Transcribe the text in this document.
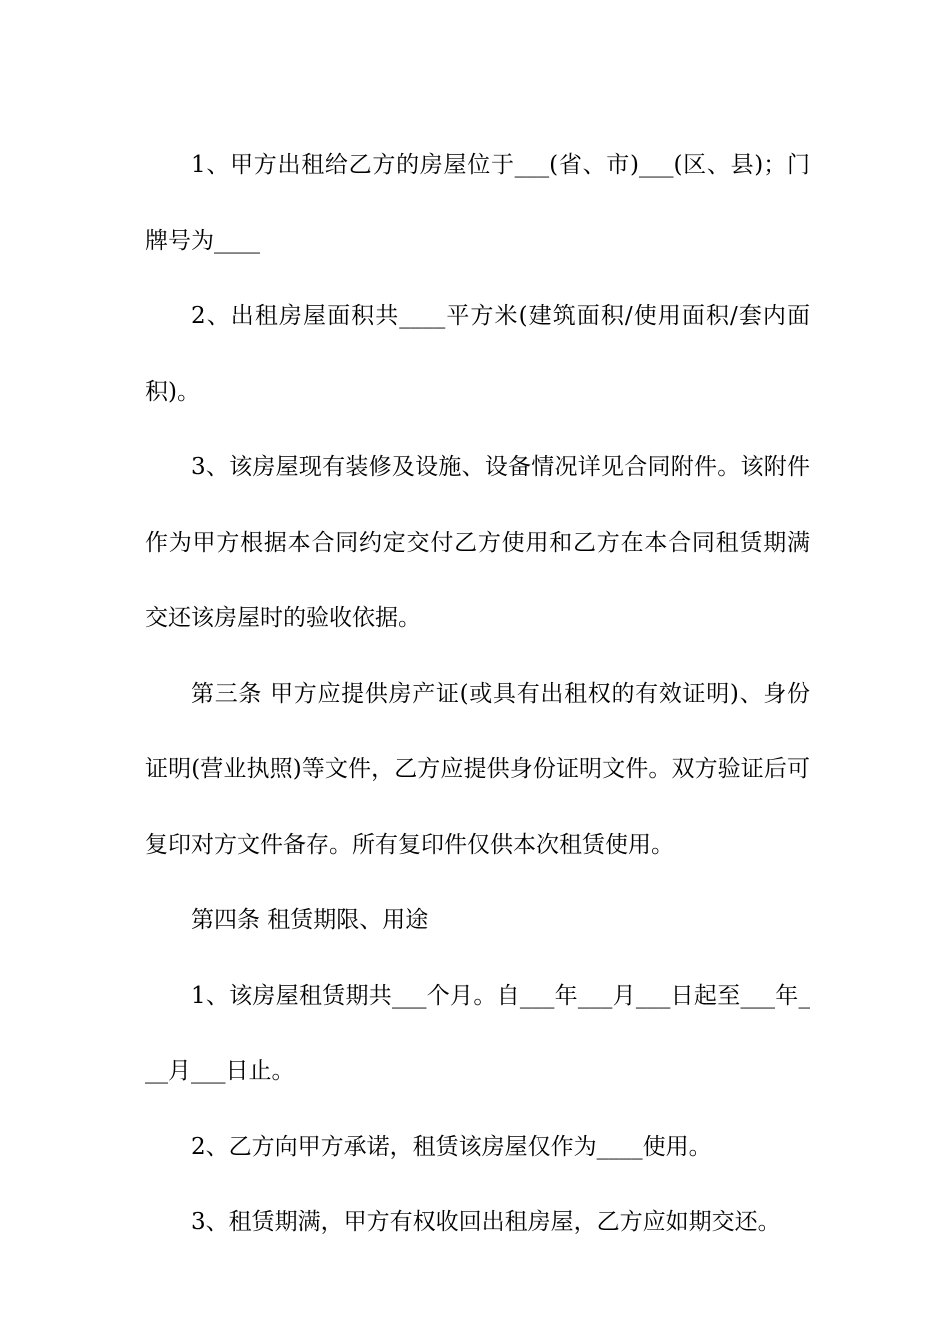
1、甲方出租给乙方的房屋位于___(省、市)___(区、县)；门牌号为____

2、出租房屋面积共____平方米(建筑面积/使用面积/套内面积)。

3、该房屋现有装修及设施、设备情况详见合同附件。该附件作为甲方根据本合同约定交付乙方使用和乙方在本合同租赁期满交还该房屋时的验收依据。

第三条 甲方应提供房产证(或具有出租权的有效证明)、身份证明(营业执照)等文件，乙方应提供身份证明文件。双方验证后可复印对方文件备存。所有复印件仅供本次租赁使用。

第四条 租赁期限、用途

1、该房屋租赁期共___个月。自___年___月___日起至___年___月___日止。

2、乙方向甲方承诺，租赁该房屋仅作为____使用。

3、租赁期满，甲方有权收回出租房屋，乙方应如期交还。
